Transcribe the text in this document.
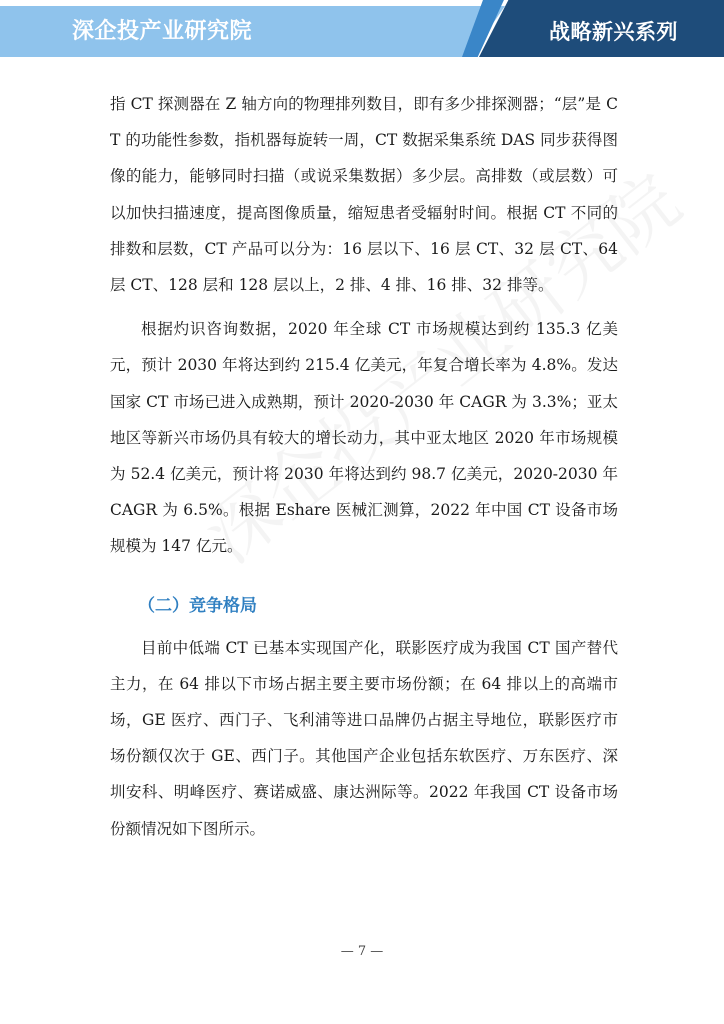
深企投产业研究院	战略新兴系列

指 CT 探测器在 Z 轴方向的物理排列数目，即有多少排探测器；“层”是 CT 的功能性参数，指机器每旋转一周，CT 数据采集系统 DAS 同步获得图像的能力，能够同时扫描（或说采集数据）多少层。高排数（或层数）可以加快扫描速度，提高图像质量，缩短患者受辐射时间。根据 CT 不同的排数和层数，CT 产品可以分为：16 层以下、16 层 CT、32 层 CT、64 层 CT、128 层和 128 层以上，2 排、4 排、16 排、32 排等。

根据灼识咨询数据，2020 年全球 CT 市场规模达到约 135.3 亿美元，预计 2030 年将达到约 215.4 亿美元，年复合增长率为 4.8%。发达国家 CT 市场已进入成熟期，预计 2020-2030 年 CAGR 为 3.3%；亚太地区等新兴市场仍具有较大的增长动力，其中亚太地区 2020 年市场规模为 52.4 亿美元，预计将 2030 年将达到约 98.7 亿美元，2020-2030 年 CAGR 为 6.5%。根据 Eshare 医械汇测算，2022 年中国 CT 设备市场规模为 147 亿元。

（二）竞争格局

目前中低端 CT 已基本实现国产化，联影医疗成为我国 CT 国产替代主力，在 64 排以下市场占据主要主要市场份额；在 64 排以上的高端市场，GE 医疗、西门子、飞利浦等进口品牌仍占据主导地位，联影医疗市场份额仅次于 GE、西门子。其他国产企业包括东软医疗、万东医疗、深圳安科、明峰医疗、赛诺威盛、康达洲际等。2022 年我国 CT 设备市场份额情况如下图所示。

— 7 —
